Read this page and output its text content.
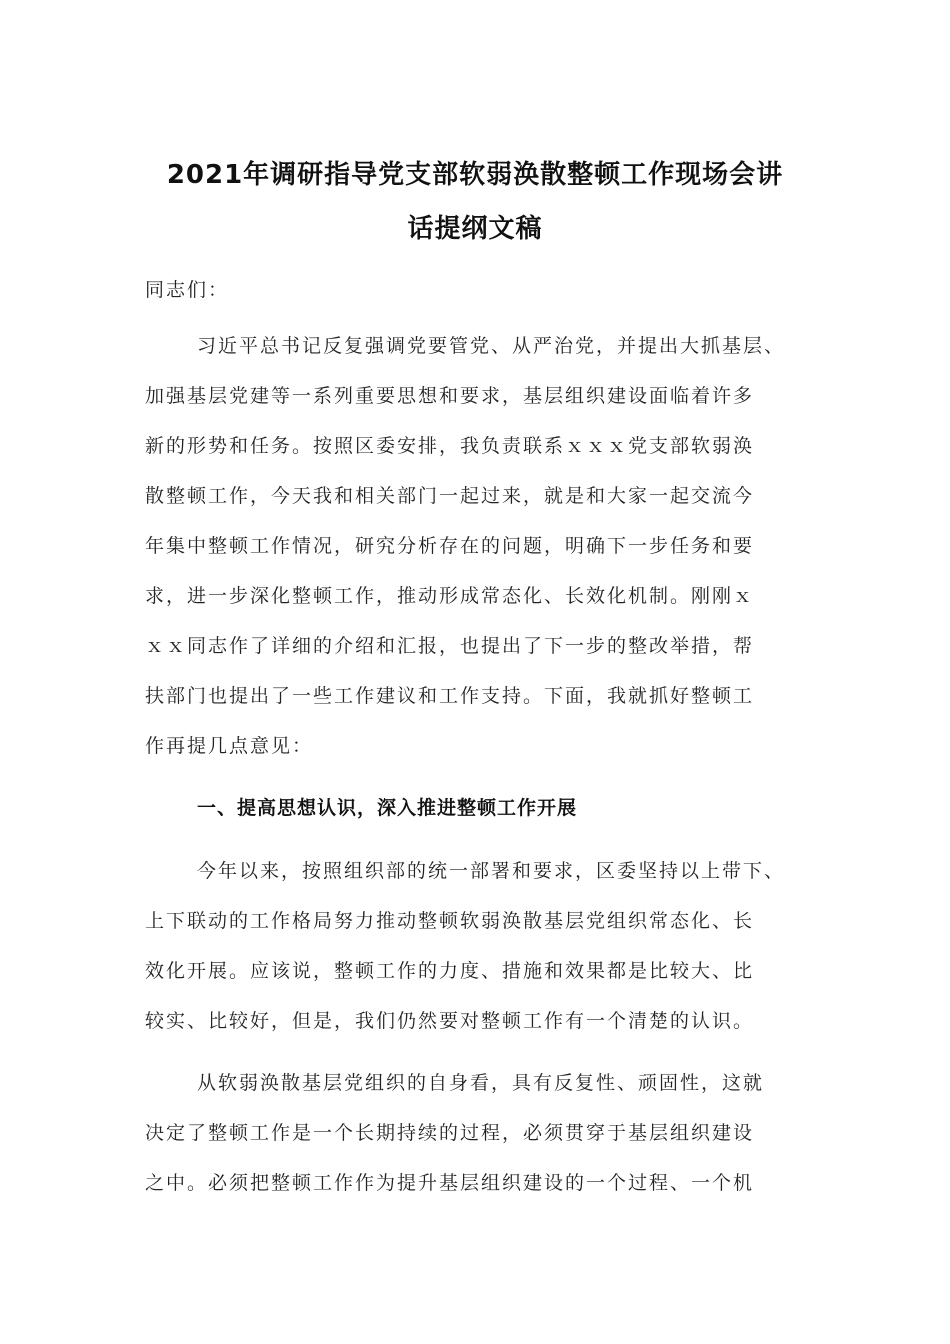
2021年调研指导党支部软弱涣散整顿工作现场会讲
话提纲文稿

同志们：

习近平总书记反复强调党要管党、从严治党，并提出大抓基层、
加强基层党建等一系列重要思想和要求，基层组织建设面临着许多
新的形势和任务。按照区委安排，我负责联系ｘｘｘ党支部软弱涣
散整顿工作，今天我和相关部门一起过来，就是和大家一起交流今
年集中整顿工作情况，研究分析存在的问题，明确下一步任务和要
求，进一步深化整顿工作，推动形成常态化、长效化机制。刚刚ｘ
ｘｘ同志作了详细的介绍和汇报，也提出了下一步的整改举措，帮
扶部门也提出了一些工作建议和工作支持。下面，我就抓好整顿工
作再提几点意见：

一、提高思想认识，深入推进整顿工作开展

今年以来，按照组织部的统一部署和要求，区委坚持以上带下、
上下联动的工作格局努力推动整顿软弱涣散基层党组织常态化、长
效化开展。应该说，整顿工作的力度、措施和效果都是比较大、比
较实、比较好，但是，我们仍然要对整顿工作有一个清楚的认识。

从软弱涣散基层党组织的自身看，具有反复性、顽固性，这就
决定了整顿工作是一个长期持续的过程，必须贯穿于基层组织建设
之中。必须把整顿工作作为提升基层组织建设的一个过程、一个机
